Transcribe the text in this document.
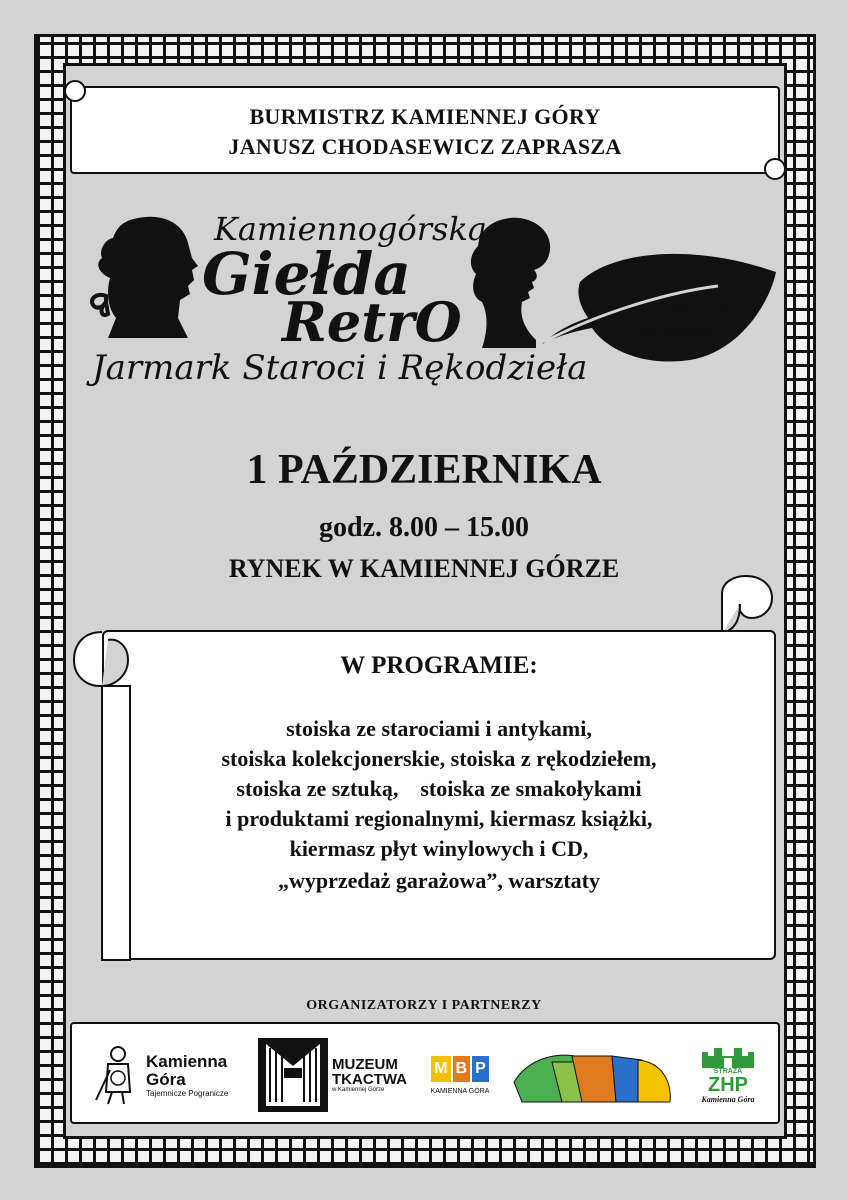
BURMISTRZ KAMIENNEJ GÓRY
JANUSZ CHODASEWICZ ZAPRASZA
Kamiennogórska
Giełda
RetrO
Jarmark Staroci i Rękodzieła
EDYCJA
JESIENNA!
1 PAŹDZIERNIKA
godz. 8.00 – 15.00
RYNEK W KAMIENNEJ GÓRZE
W PROGRAMIE:
stoiska ze starociami i antykami,
stoiska kolekcjonerskie, stoiska z rękodziełem,
stoiska ze sztuką,    stoiska ze smakołykami
i produktami regionalnymi, kiermasz książki,
kiermasz płyt winylowych i CD,
„wyprzedaż garażowa”, warsztaty
ORGANIZATORZY I PARTNERZY
Kamienna
Góra
Tajemnicze Pogranicze
MUZEUM
TKACTWA
w Kamiennej Górze
M B P
KAMIENNA GÓRA
STRAŻA
ZHP
Kamienna Góra
